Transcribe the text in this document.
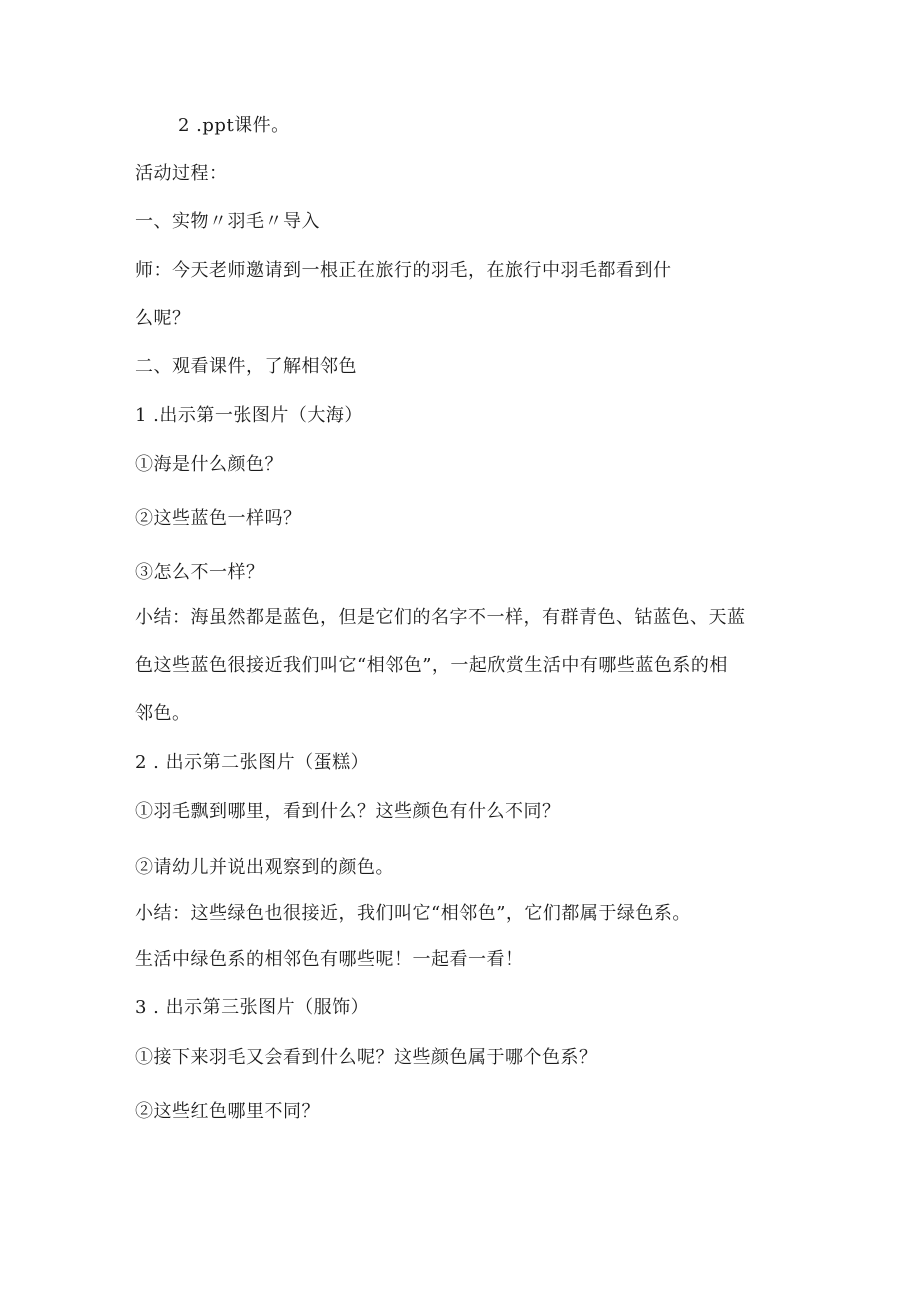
2 .ppt课件。
活动过程：
一、实物〃羽毛〃导入
师：今天老师邀请到一根正在旅行的羽毛，在旅行中羽毛都看到什
么呢？
二、观看课件，了解相邻色
1 .出示第一张图片（大海）
①海是什么颜色？
②这些蓝色一样吗？
③怎么不一样？
小结：海虽然都是蓝色，但是它们的名字不一样，有群青色、钴蓝色、天蓝
色这些蓝色很接近我们叫它“相邻色”，一起欣赏生活中有哪些蓝色系的相
邻色。
2 . 出示第二张图片（蛋糕）
①羽毛飘到哪里，看到什么？这些颜色有什么不同？
②请幼儿并说出观察到的颜色。
小结：这些绿色也很接近，我们叫它“相邻色”，它们都属于绿色系。
生活中绿色系的相邻色有哪些呢！一起看一看！
3 . 出示第三张图片（服饰）
①接下来羽毛又会看到什么呢？这些颜色属于哪个色系？
②这些红色哪里不同？
